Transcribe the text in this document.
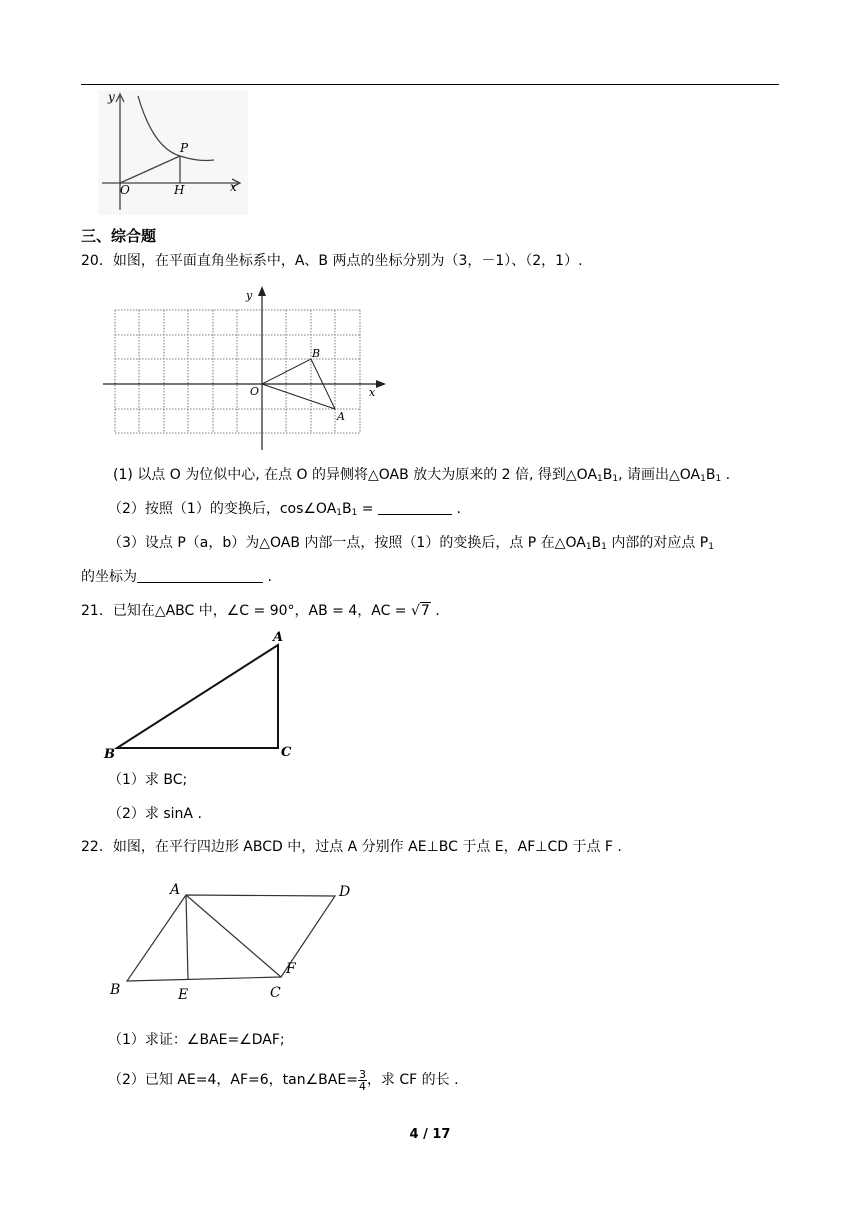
y
x
P
O	H
三、综合题
20．如图，在平面直角坐标系中，A、B 两点的坐标分别为（3，－1）、（2，1）.
y
x
O
B
A
(1) 以点 O 为位似中心, 在点 O 的异侧将△OAB 放大为原来的 2 倍, 得到$\triangle OA_1B_1$, 请画出$\triangle OA_1B_1$ .
（2）按照（1）的变换后，$\cos\angle OA_1B_1$ =	.
（3）设点 P（a，b）为△OAB 内部一点，按照（1）的变换后，点 P 在$\triangle OA_1B_1$ 内部的对应点 $P_1$
的坐标为	.
21．已知在△ABC 中，∠C = 90°，AB = 4，AC = √7 .
A
B	C
（1）求 BC;
（2）求 sinA .
22．如图，在平行四边形 ABCD 中，过点 A 分别作 AE⊥BC 于点 E，AF⊥CD 于点 F .
A	D
B	E	C
F
（1）求证：∠BAE=∠DAF;
（2）已知 AE=4，AF=6，tan∠BAE= $\frac{3}{4}$ ，求 CF 的长 .
4 / 17
